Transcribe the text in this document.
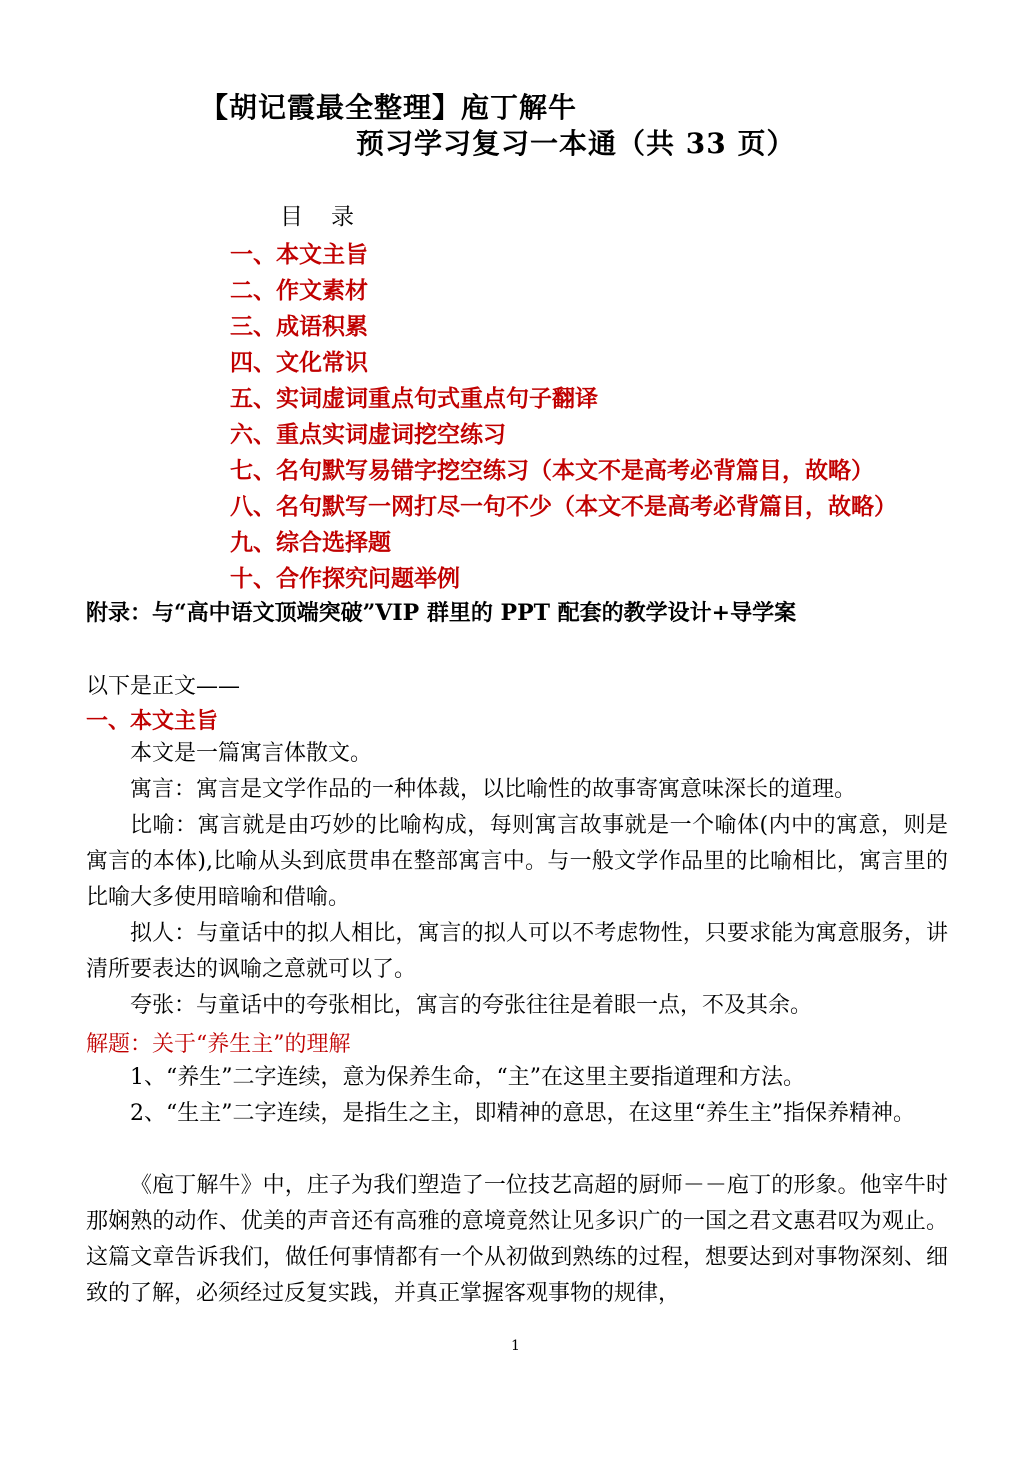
【胡记霞最全整理】庖丁解牛
预习学习复习一本通（共 33 页）
目录
一、本文主旨
二、作文素材
三、成语积累
四、文化常识
五、实词虚词重点句式重点句子翻译
六、重点实词虚词挖空练习
七、名句默写易错字挖空练习（本文不是高考必背篇目，故略）
八、名句默写一网打尽一句不少（本文不是高考必背篇目，故略）
九、综合选择题
十、合作探究问题举例
附录：与“高中语文顶端突破”VIP 群里的 PPT 配套的教学设计+导学案
以下是正文——
一、本文主旨
本文是一篇寓言体散文。
寓言：寓言是文学作品的一种体裁，以比喻性的故事寄寓意味深长的道理。
比喻：寓言就是由巧妙的比喻构成，每则寓言故事就是一个喻体(内中的寓意，则是寓言的本体),比喻从头到底贯串在整部寓言中。与一般文学作品里的比喻相比，寓言里的比喻大多使用暗喻和借喻。
拟人：与童话中的拟人相比，寓言的拟人可以不考虑物性，只要求能为寓意服务，讲清所要表达的讽喻之意就可以了。
夸张：与童话中的夸张相比，寓言的夸张往往是着眼一点，不及其余。
解题：关于“养生主”的理解
1、“养生”二字连续，意为保养生命，“主”在这里主要指道理和方法。
2、“生主”二字连续，是指生之主，即精神的意思，在这里“养生主”指保养精神。
《庖丁解牛》中，庄子为我们塑造了一位技艺高超的厨师－－庖丁的形象。他宰牛时那娴熟的动作、优美的声音还有高雅的意境竟然让见多识广的一国之君文惠君叹为观止。这篇文章告诉我们，做任何事情都有一个从初做到熟练的过程，想要达到对事物深刻、细致的了解，必须经过反复实践，并真正掌握客观事物的规律，
1
